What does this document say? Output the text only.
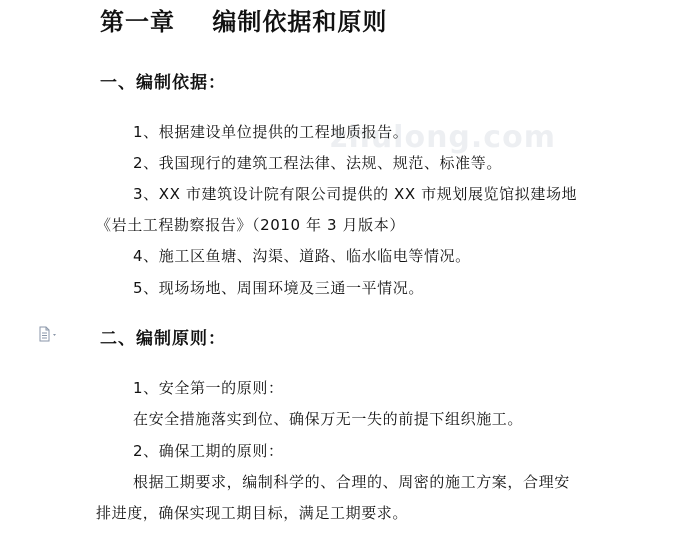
zhulong.com
第一章    编制依据和原则
一、编制依据：

1、根据建设单位提供的工程地质报告。

2、我国现行的建筑工程法律、法规、规范、标准等。

3、XX 市建筑设计院有限公司提供的 XX 市规划展览馆拟建场地

《岩土工程勘察报告》（2010 年 3 月版本）

4、施工区鱼塘、沟渠、道路、临水临电等情况。

5、现场场地、周围环境及三通一平情况。

二、编制原则：

1、安全第一的原则：

在安全措施落实到位、确保万无一失的前提下组织施工。

2、确保工期的原则：

根据工期要求，编制科学的、合理的、周密的施工方案，合理安

排进度，确保实现工期目标，满足工期要求。
